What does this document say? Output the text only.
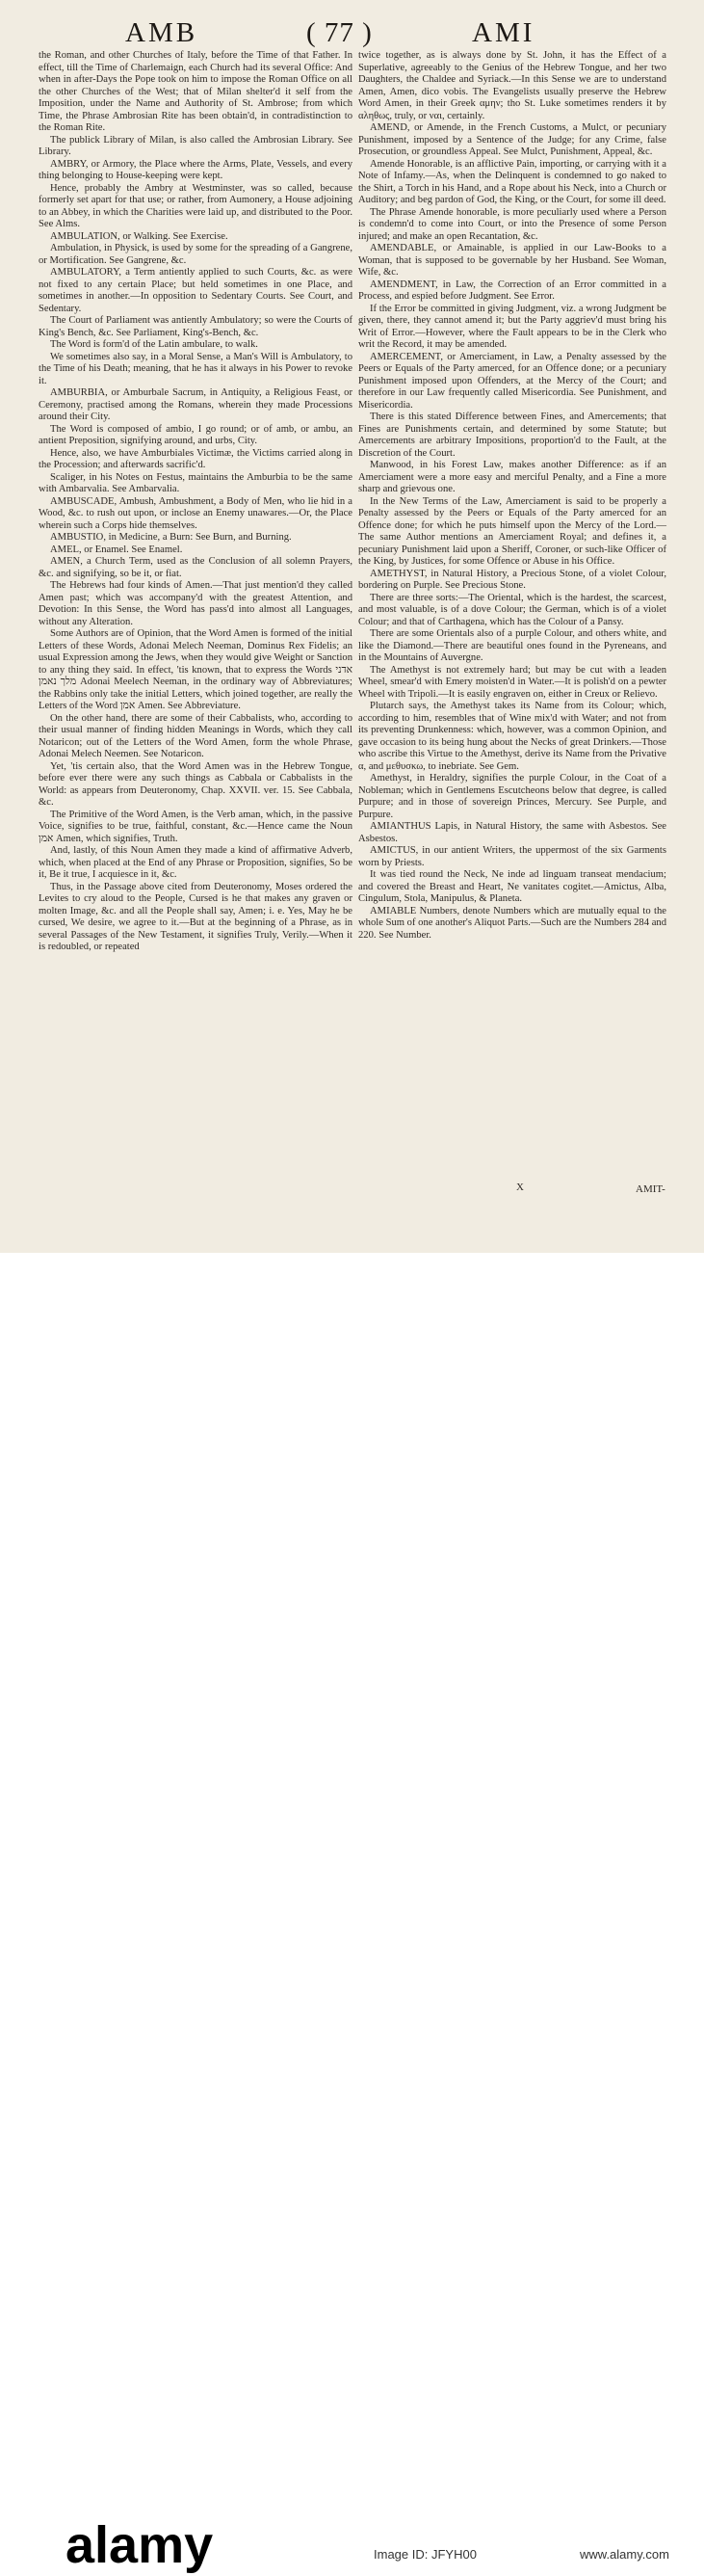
AMB	( 77 )	AMI

the Roman, and other Churches of Italy, before the Time of that Father. In effect, till the Time of Charlemaign, each Church had its several Office: And when in after-Days the Pope took on him to impose the Roman Office on all the other Churches of the West; that of Milan shelter'd it self from the Imposition, under the Name and Authority of St. Ambrose; from which Time, the Phrase Ambrosian Rite has been obtain'd, in contradistinction to the Roman Rite.

The publick Library of Milan, is also called the Ambrosian Library. See Library.

AMBRY, or Armory, the Place where the Arms, Plate, Vessels, and every thing belonging to House-keeping were kept.

Hence, probably the Ambry at Westminster, was so called, because formerly set apart for that use; or rather, from Aumonery, a House adjoining to an Abbey, in which the Charities were laid up, and distributed to the Poor. See Alms.

AMBULATION, or Walking. See Exercise.

Ambulation, in Physick, is used by some for the spreading of a Gangrene, or Mortification. See Gangrene, &c.

AMBULATORY, a Term antiently applied to such Courts, &c. as were not fixed to any certain Place; but held sometimes in one Place, and sometimes in another.—In opposition to Sedentary Courts. See Court, and Sedentary.

The Court of Parliament was antiently Ambulatory; so were the Courts of King's Bench, &c. See Parliament, King's-Bench, &c.

The Word is form'd of the Latin ambulare, to walk.

We sometimes also say, in a Moral Sense, a Man's Will is Ambulatory, to the Time of his Death; meaning, that he has it always in his Power to revoke it.

AMBURBIA, or Amburbale Sacrum, in Antiquity, a Religious Feast, or Ceremony, practised among the Romans, wherein they made Processions around their City.

The Word is composed of ambio, I go round; or of amb, or ambu, an antient Preposition, signifying around, and urbs, City.

Hence, also, we have Amburbiales Victimæ, the Victims carried along in the Procession; and afterwards sacrific'd.

Scaliger, in his Notes on Festus, maintains the Amburbia to be the same with Ambarvalia. See Ambarvalia.

AMBUSCADE, Ambush, Ambushment, a Body of Men, who lie hid in a Wood, &c. to rush out upon, or inclose an Enemy unawares.—Or, the Place wherein such a Corps hide themselves.

AMBUSTIO, in Medicine, a Burn: See Burn, and Burning.

AMEL, or Enamel. See Enamel.

AMEN, a Church Term, used as the Conclusion of all solemn Prayers, &c. and signifying, so be it, or fiat.

The Hebrews had four kinds of Amen.—That just mention'd they called Amen past; which was accompany'd with the greatest Attention, and Devotion: In this Sense, the Word has pass'd into almost all Languages, without any Alteration.

Some Authors are of Opinion, that the Word Amen is formed of the initial Letters of these Words, Adonai Melech Neeman, Dominus Rex Fidelis; an usual Expression among the Jews, when they would give Weight or Sanction to any thing they said. In effect, 'tis known, that to express the Words אדני מלך נאמן Adonai Meelech Neeman, in the ordinary way of Abbreviatures; the Rabbins only take the initial Letters, which joined together, are really the Letters of the Word אמן Amen. See Abbreviature.

On the other hand, there are some of their Cabbalists, who, according to their usual manner of finding hidden Meanings in Words, which they call Notaricon; out of the Letters of the Word Amen, form the whole Phrase, Adonai Melech Neemen. See Notaricon.

Yet, 'tis certain also, that the Word Amen was in the Hebrew Tongue, before ever there were any such things as Cabbala or Cabbalists in the World: as appears from Deuteronomy, Chap. XXVII. ver. 15. See Cabbala, &c.

The Primitive of the Word Amen, is the Verb aman, which, in the passive Voice, signifies to be true, faithful, constant, &c.—Hence came the Noun אמן Amen, which signifies, Truth.

And, lastly, of this Noun Amen they made a kind of affirmative Adverb, which, when placed at the End of any Phrase or Proposition, signifies, So be it, Be it true, I acquiesce in it, &c.

Thus, in the Passage above cited from Deuteronomy, Moses ordered the Levites to cry aloud to the People, Cursed is he that makes any graven or molten Image, &c. and all the People shall say, Amen; i. e. Yes, May he be cursed, We desire, we agree to it.—But at the beginning of a Phrase, as in several Passages of the New Testament, it signifies Truly, Verily.—When it is redoubled, or repeated

twice together, as is always done by St. John, it has the Effect of a Superlative, agreeably to the Genius of the Hebrew Tongue, and her two Daughters, the Chaldee and Syriack.—In this Sense we are to understand Amen, Amen, dico vobis. The Evangelists usually preserve the Hebrew Word Amen, in their Greek αμην; tho St. Luke sometimes renders it by αληθως, truly, or ναι, certainly.

AMEND, or Amende, in the French Customs, a Mulct, or pecuniary Punishment, imposed by a Sentence of the Judge; for any Crime, false Prosecution, or groundless Appeal. See Mulct, Punishment, Appeal, &c.

Amende Honorable, is an afflictive Pain, importing, or carrying with it a Note of Infamy.—As, when the Delinquent is condemned to go naked to the Shirt, a Torch in his Hand, and a Rope about his Neck, into a Church or Auditory; and beg pardon of God, the King, or the Court, for some ill deed.

The Phrase Amende honorable, is more peculiarly used where a Person is condemn'd to come into Court, or into the Presence of some Person injured; and make an open Recantation, &c.

AMENDABLE, or Amainable, is applied in our Law-Books to a Woman, that is supposed to be governable by her Husband. See Woman, Wife, &c.

AMENDMENT, in Law, the Correction of an Error committed in a Process, and espied before Judgment. See Error.

If the Error be committed in giving Judgment, viz. a wrong Judgment be given, there, they cannot amend it; but the Party aggriev'd must bring his Writ of Error.—However, where the Fault appears to be in the Clerk who writ the Record, it may be amended.

AMERCEMENT, or Amerciament, in Law, a Penalty assessed by the Peers or Equals of the Party amerced, for an Offence done; or a pecuniary Punishment imposed upon Offenders, at the Mercy of the Court; and therefore in our Law frequently called Misericordia. See Punishment, and Misericordia.

There is this stated Difference between Fines, and Amercements; that Fines are Punishments certain, and determined by some Statute; but Amercements are arbitrary Impositions, proportion'd to the Fault, at the Discretion of the Court.

Manwood, in his Forest Law, makes another Difference: as if an Amerciament were a more easy and merciful Penalty, and a Fine a more sharp and grievous one.

In the New Terms of the Law, Amerciament is said to be properly a Penalty assessed by the Peers or Equals of the Party amerced for an Offence done; for which he puts himself upon the Mercy of the Lord.—The same Author mentions an Amerciament Royal; and defines it, a pecuniary Punishment laid upon a Sheriff, Coroner, or such-like Officer of the King, by Justices, for some Offence or Abuse in his Office.

AMETHYST, in Natural History, a Precious Stone, of a violet Colour, bordering on Purple. See Precious Stone.

There are three sorts:—The Oriental, which is the hardest, the scarcest, and most valuable, is of a dove Colour; the German, which is of a violet Colour; and that of Carthagena, which has the Colour of a Pansy.

There are some Orientals also of a purple Colour, and others white, and like the Diamond.—There are beautiful ones found in the Pyreneans, and in the Mountains of Auvergne.

The Amethyst is not extremely hard; but may be cut with a leaden Wheel, smear'd with Emery moisten'd in Water.—It is polish'd on a pewter Wheel with Tripoli.—It is easily engraven on, either in Creux or Relievo.

Plutarch says, the Amethyst takes its Name from its Colour; which, according to him, resembles that of Wine mix'd with Water; and not from its preventing Drunkenness: which, however, was a common Opinion, and gave occasion to its being hung about the Necks of great Drinkers.—Those who ascribe this Virtue to the Amethyst, derive its Name from the Privative α, and μεθυσκω, to inebriate. See Gem.

Amethyst, in Heraldry, signifies the purple Colour, in the Coat of a Nobleman; which in Gentlemens Escutcheons below that degree, is called Purpure; and in those of sovereign Princes, Mercury. See Purple, and Purpure.

AMIANTHUS Lapis, in Natural History, the same with Asbestos. See Asbestos.

AMICTUS, in our antient Writers, the uppermost of the six Garments worn by Priests.

It was tied round the Neck, Ne inde ad linguam transeat mendacium; and covered the Breast and Heart, Ne vanitates cogitet.—Amictus, Alba, Cingulum, Stola, Manipulus, & Planeta.

AMIABLE Numbers, denote Numbers which are mutually equal to the whole Sum of one another's Aliquot Parts.—Such are the Numbers 284 and 220. See Number.

X	AMIT-
alamy	Image ID: JFYH00	www.alamy.com
